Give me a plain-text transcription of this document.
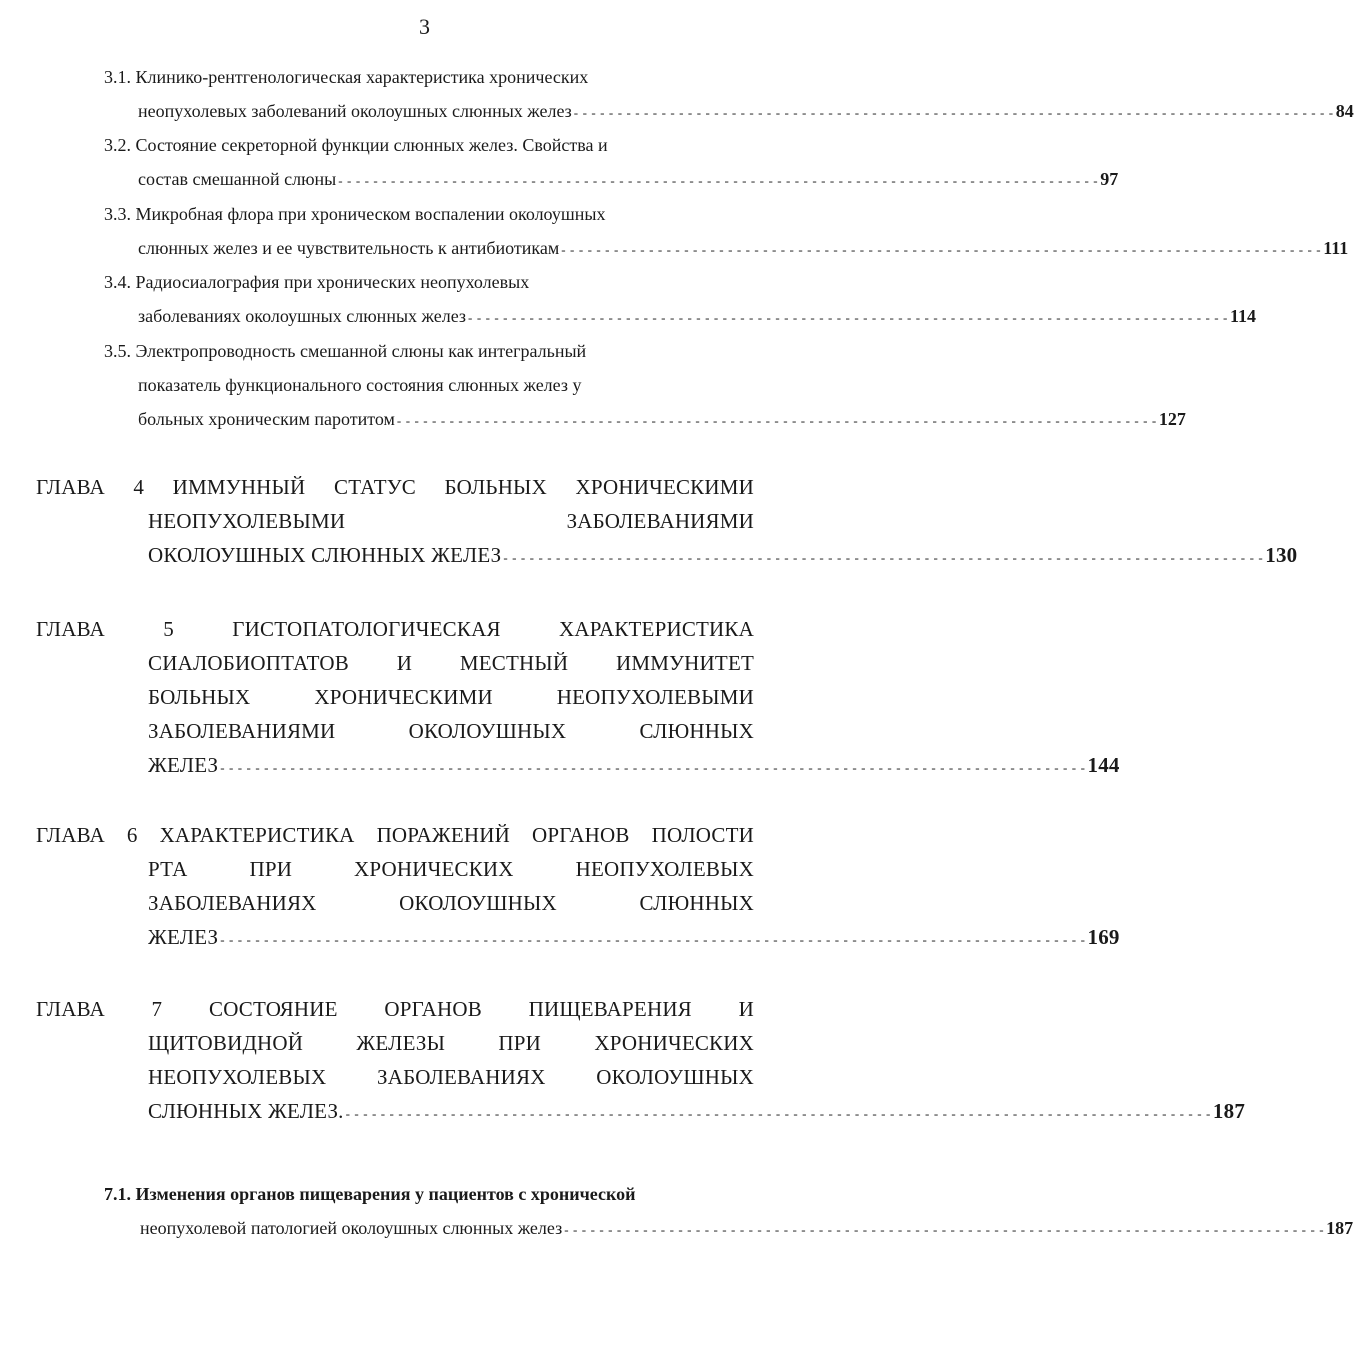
3
3.1. Клинико-рентгенологическая характеристика хронических
неопухолевых заболеваний околоушных слюнных желез - - - - - - - - - - - - - - - - - - - - - - - - - - - - - - - - - - - - - - - - - - - - - - - - - - - - - - - - - - - - - - - - - - - - - - - - - - - - - - - - - - - - - - - 84
3.2. Состояние секреторной функции слюнных желез. Свойства и
состав смешанной слюны - - - - - - - - - - - - - - - - - - - - - - - - - - - - - - - - - - - - - - - - - - - - - - - - - - - - - - - - - - - - - - - - - - - - - - - - - - - - - - - - - - - - - - - 97
3.3. Микробная флора при хроническом воспалении околоушных
слюнных желез и ее чувствительность к антибиотикам - - - - - - - - - - - - - - - - - - - - - - - - - - - - - - - - - - - - - - - - - - - - - - - - - - - - - - - - - - - - - - - - - - - - - - - - - - - - - - - - - - - - - - - 111
3.4. Радиосиалография при хронических неопухолевых
заболеваниях околоушных слюнных желез - - - - - - - - - - - - - - - - - - - - - - - - - - - - - - - - - - - - - - - - - - - - - - - - - - - - - - - - - - - - - - - - - - - - - - - - - - - - - - - - - - - - - - - 114
3.5. Электропроводность смешанной слюны как интегральный
показатель функционального состояния слюнных желез у
больных хроническим паротитом - - - - - - - - - - - - - - - - - - - - - - - - - - - - - - - - - - - - - - - - - - - - - - - - - - - - - - - - - - - - - - - - - - - - - - - - - - - - - - - - - - - - - - - 127
ГЛАВА 4 ИММУННЫЙ СТАТУС БОЛЬНЫХ ХРОНИЧЕСКИМИ
НЕОПУХОЛЕВЫМИ ЗАБОЛЕВАНИЯМИ
ОКОЛОУШНЫХ СЛЮННЫХ ЖЕЛЕЗ - - - - - - - - - - - - - - - - - - - - - - - - - - - - - - - - - - - - - - - - - - - - - - - - - - - - - - - - - - - - - - - - - - - - - - - - - - - - - - - - - - - - - - - 130
ГЛАВА 5 ГИСТОПАТОЛОГИЧЕСКАЯ ХАРАКТЕРИСТИКА
СИАЛОБИОПТАТОВ И МЕСТНЫЙ ИММУНИТЕТ
БОЛЬНЫХ ХРОНИЧЕСКИМИ НЕОПУХОЛЕВЫМИ
ЗАБОЛЕВАНИЯМИ ОКОЛОУШНЫХ СЛЮННЫХ
ЖЕЛЕЗ - - - - - - - - - - - - - - - - - - - - - - - - - - - - - - - - - - - - - - - - - - - - - - - - - - - - - - - - - - - - - - - - - - - - - - - - - - - - - - - - - - - - - - - - - - - - - - - - - - - 144
ГЛАВА 6 ХАРАКТЕРИСТИКА ПОРАЖЕНИЙ ОРГАНОВ ПОЛОСТИ
РТА ПРИ ХРОНИЧЕСКИХ НЕОПУХОЛЕВЫХ
ЗАБОЛЕВАНИЯХ ОКОЛОУШНЫХ СЛЮННЫХ
ЖЕЛЕЗ - - - - - - - - - - - - - - - - - - - - - - - - - - - - - - - - - - - - - - - - - - - - - - - - - - - - - - - - - - - - - - - - - - - - - - - - - - - - - - - - - - - - - - - - - - - - - - - - - - - 169
ГЛАВА 7 СОСТОЯНИЕ ОРГАНОВ ПИЩЕВАРЕНИЯ И
ЩИТОВИДНОЙ ЖЕЛЕЗЫ ПРИ ХРОНИЧЕСКИХ
НЕОПУХОЛЕВЫХ ЗАБОЛЕВАНИЯХ ОКОЛОУШНЫХ
СЛЮННЫХ ЖЕЛЕЗ. - - - - - - - - - - - - - - - - - - - - - - - - - - - - - - - - - - - - - - - - - - - - - - - - - - - - - - - - - - - - - - - - - - - - - - - - - - - - - - - - - - - - - - - - - - - - - - - - - - - 187
7.1. Изменения органов пищеварения у пациентов с хронической
неопухолевой патологией околоушных слюнных желез - - - - - - - - - - - - - - - - - - - - - - - - - - - - - - - - - - - - - - - - - - - - - - - - - - - - - - - - - - - - - - - - - - - - - - - - - - - - - - - - - - - - - - - 187
